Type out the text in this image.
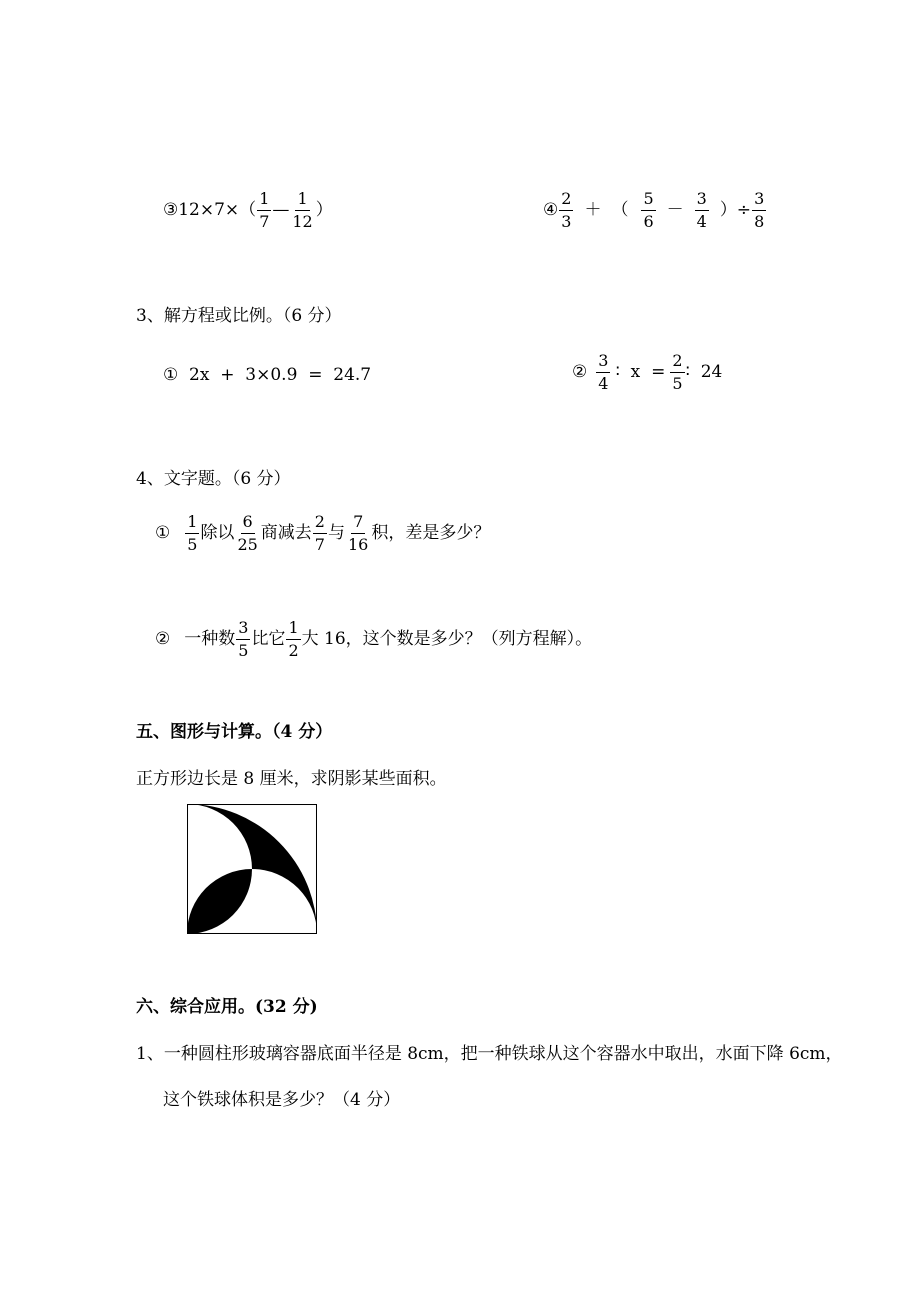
③12×7×（ $\frac{1}{7}$ — $\frac{1}{12}$ ）	④ $\frac{2}{3}$ ＋ （ $\frac{5}{6} - \frac{3}{4}$ ）÷ $\frac{3}{8}$
3、解方程或比例。（6 分）
①  2x  +  3×0.9  =  24.7	② $\frac{3}{4}$ ∶  $x = \frac{2}{5}$ ∶  24
4、文字题。（6 分）
① $\frac{1}{5}$ 除以 $\frac{6}{25}$ 商减去 $\frac{2}{7}$ 与 $\frac{7}{16}$ 积，差是多少？
② 一种数 $\frac{3}{5}$ 比它 $\frac{1}{2}$ 大 16，这个数是多少？（列方程解）。
五、图形与计算。（4 分）
正方形边长是 8 厘米，求阴影某些面积。
六、综合应用。(32 分)
1、一种圆柱形玻璃容器底面半径是 8cm，把一种铁球从这个容器水中取出，水面下降 6cm，
这个铁球体积是多少？（4 分）
